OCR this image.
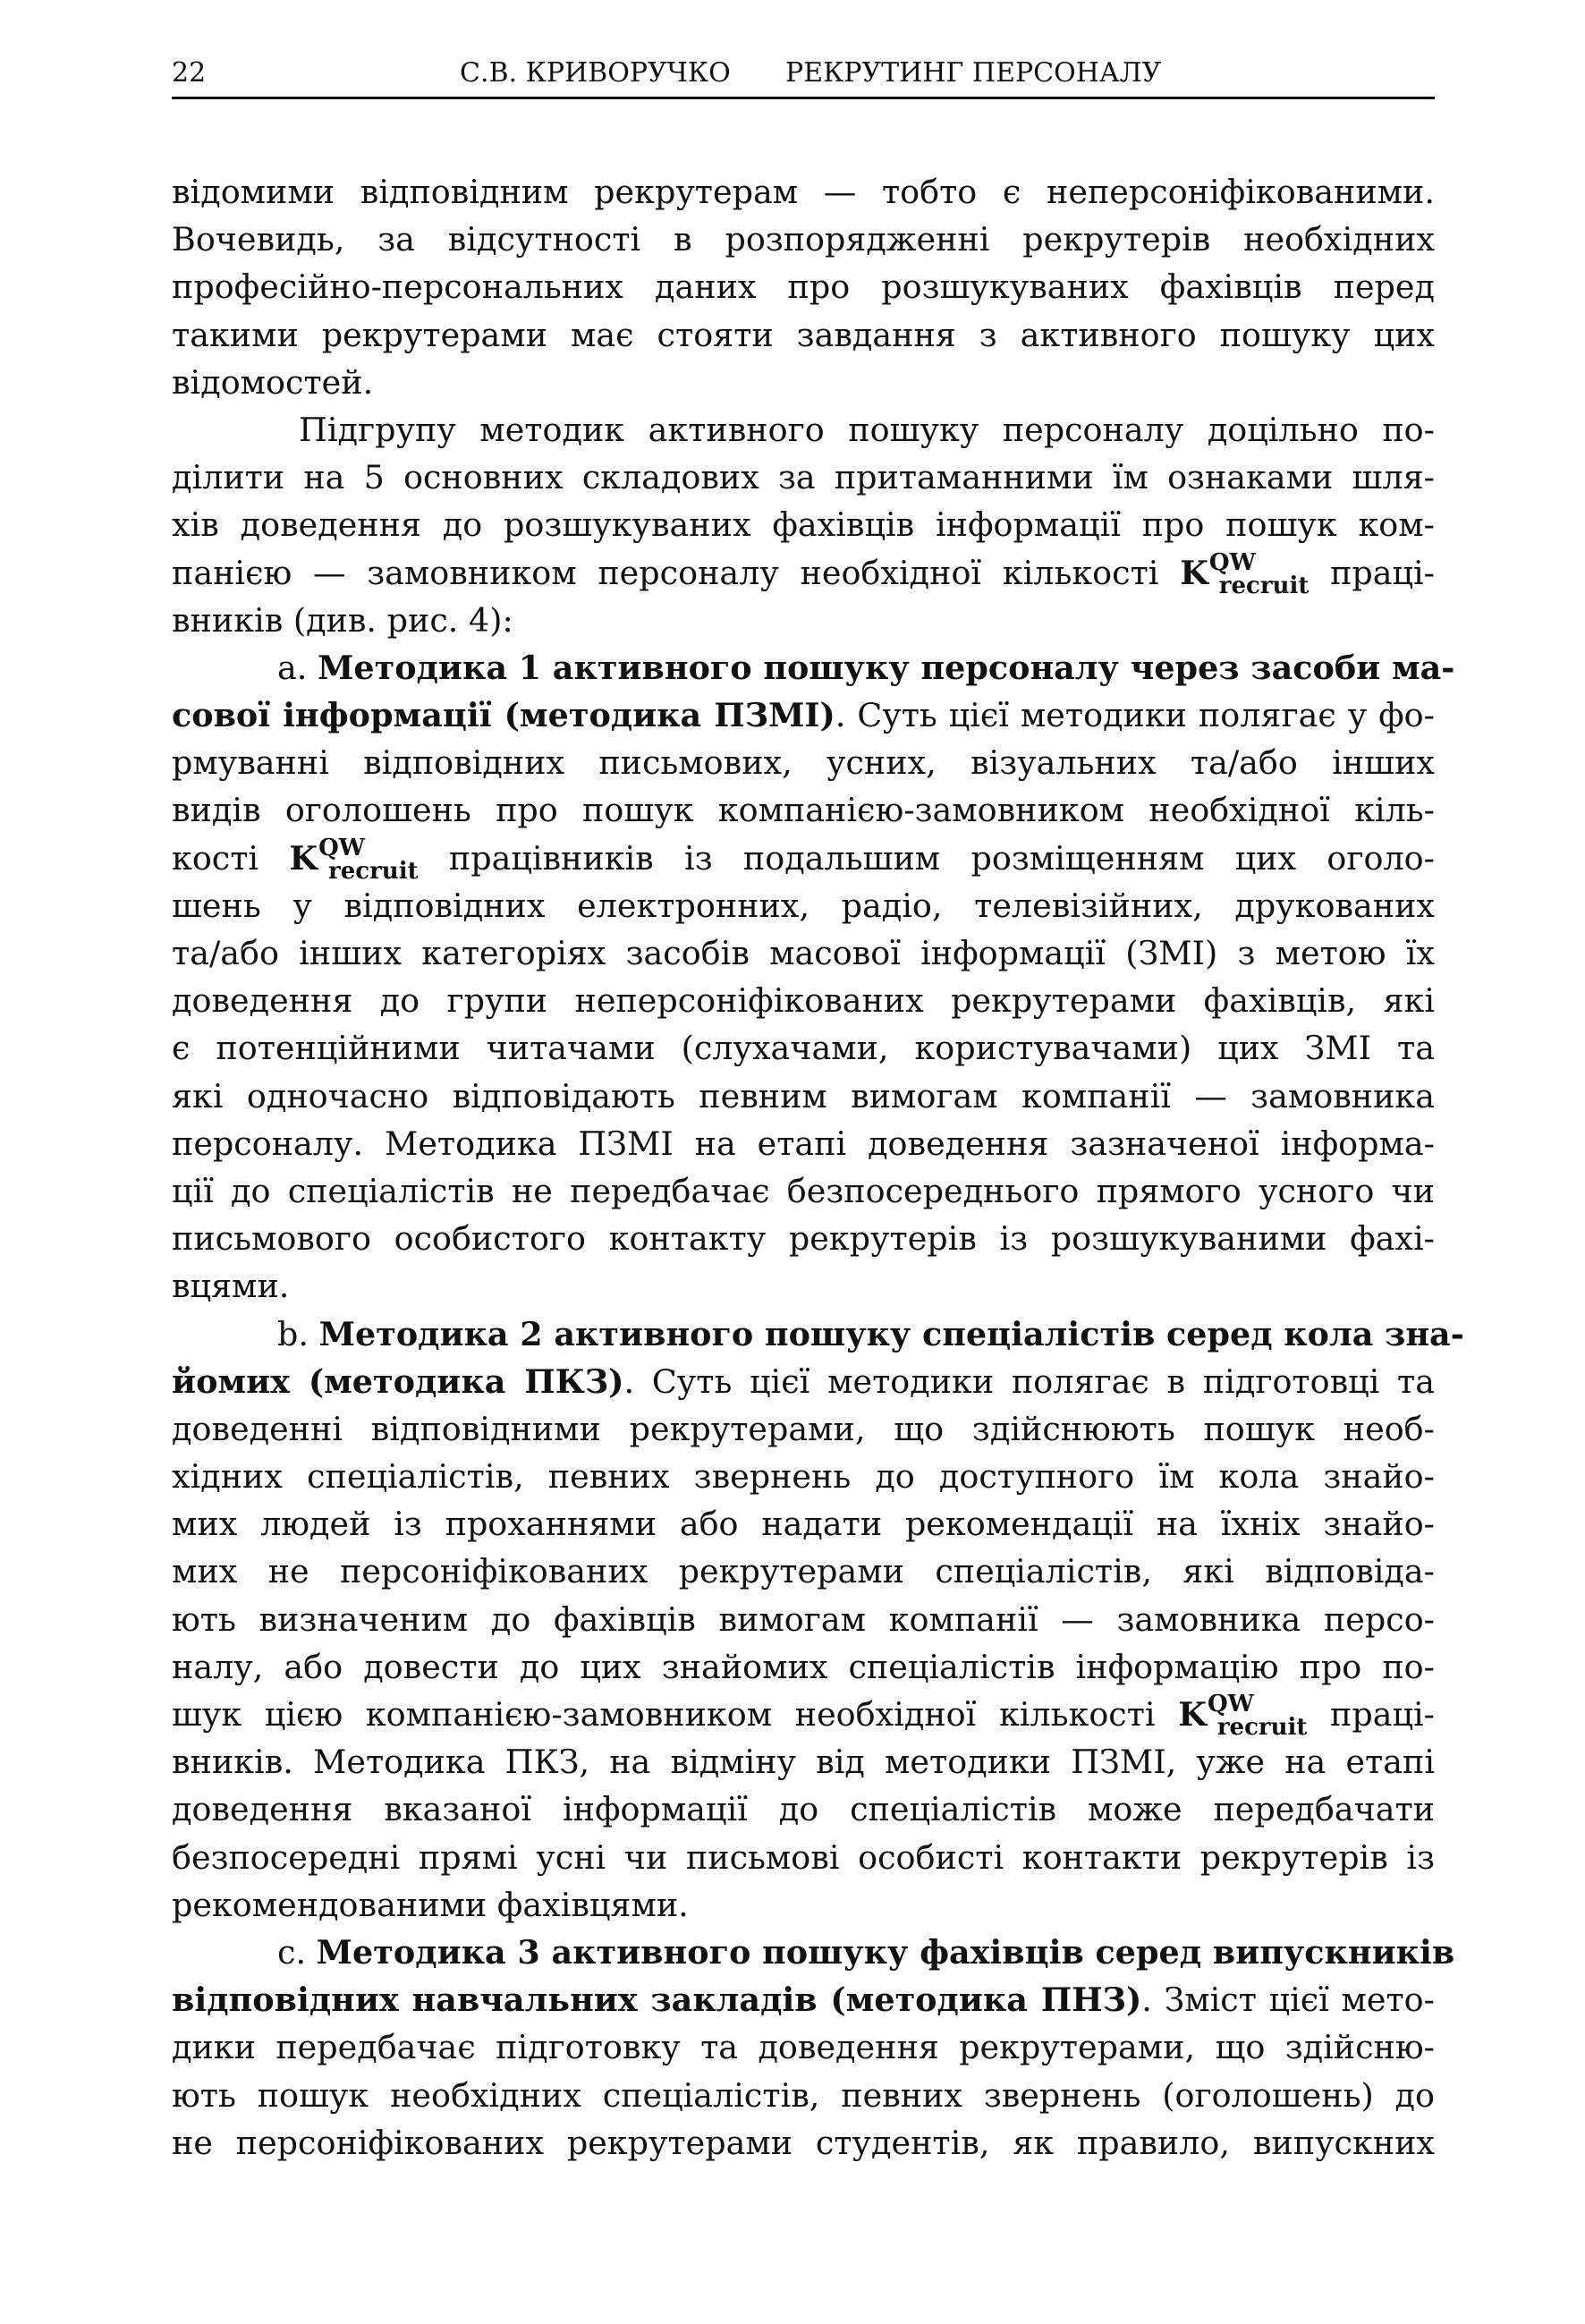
22	С.В. КРИВОРУЧКО РЕКРУТИНГ ПЕРСОНАЛУ
відомими відповідним рекрутерам — тобто є неперсоніфікованими.
Вочевидь, за відсутності в розпорядженні рекрутерів необхідних
професійно-персональних даних про розшукуваних фахівців перед
такими рекрутерами має стояти завдання з активного пошуку цих
відомостей.
Підгрупу методик активного пошуку персоналу доцільно по-
ділити на 5 основних складових за притаманними їм ознаками шля-
хів доведення до розшукуваних фахівців інформації про пошук ком-
панією — замовником персоналу необхідної кількості $K^{QW}_{recruit}$ праці-
вників (див. рис. 4):
a. Методика 1 активного пошуку персоналу через засоби ма-
сової інформації (методика ПЗМІ). Суть цієї методики полягає у фо-
рмуванні відповідних письмових, усних, візуальних та/або інших
видів оголошень про пошук компанією-замовником необхідної кіль-
кості $K^{QW}_{recruit}$ працівників із подальшим розміщенням цих оголо-
шень у відповідних електронних, радіо, телевізійних, друкованих
та/або інших категоріях засобів масової інформації (ЗМІ) з метою їх
доведення до групи неперсоніфікованих рекрутерами фахівців, які
є потенційними читачами (слухачами, користувачами) цих ЗМІ та
які одночасно відповідають певним вимогам компанії — замовника
персоналу. Методика ПЗМІ на етапі доведення зазначеної інформа-
ції до спеціалістів не передбачає безпосереднього прямого усного чи
письмового особистого контакту рекрутерів із розшукуваними фахі-
вцями.
b. Методика 2 активного пошуку спеціалістів серед кола зна-
йомих (методика ПКЗ). Суть цієї методики полягає в підготовці та
доведенні відповідними рекрутерами, що здійснюють пошук необ-
хідних спеціалістів, певних звернень до доступного їм кола знайо-
мих людей із проханнями або надати рекомендації на їхніх знайо-
мих не персоніфікованих рекрутерами спеціалістів, які відповіда-
ють визначеним до фахівців вимогам компанії — замовника персо-
налу, або довести до цих знайомих спеціалістів інформацію про по-
шук цією компанією-замовником необхідної кількості $K^{QW}_{recruit}$ праці-
вників. Методика ПКЗ, на відміну від методики ПЗМІ, уже на етапі
доведення вказаної інформації до спеціалістів може передбачати
безпосередні прямі усні чи письмові особисті контакти рекрутерів із
рекомендованими фахівцями.
c. Методика 3 активного пошуку фахівців серед випускників
відповідних навчальних закладів (методика ПНЗ). Зміст цієї мето-
дики передбачає підготовку та доведення рекрутерами, що здійсню-
ють пошук необхідних спеціалістів, певних звернень (оголошень) до
не персоніфікованих рекрутерами студентів, як правило, випускних
